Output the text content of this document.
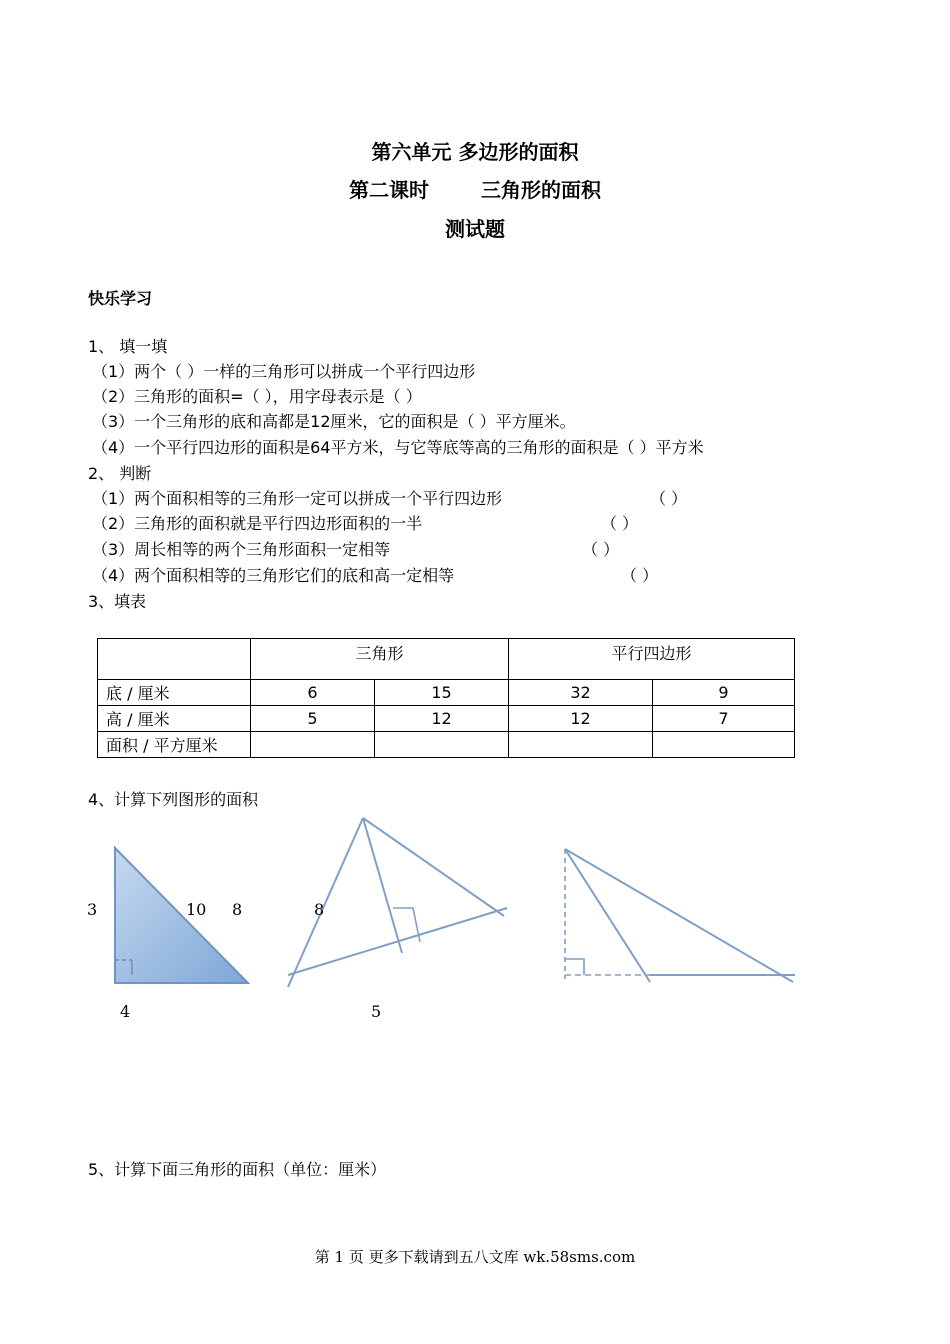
第六单元 多边形的面积
第二课时	三角形的面积
测试题
快乐学习
1、 填一填
（1）两个（ ）一样的三角形可以拼成一个平行四边形
（2）三角形的面积=（ ），用字母表示是（ ）
（3）一个三角形的底和高都是12厘米，它的面积是（ ）平方厘米。
（4）一个平行四边形的面积是64平方米，与它等底等高的三角形的面积是（ ）平方米
2、 判断
（1）两个面积相等的三角形一定可以拼成一个平行四边形	（ ）
（2）三角形的面积就是平行四边形面积的一半	（ ）
（3）周长相等的两个三角形面积一定相等	（ ）
（4）两个面积相等的三角形它们的底和高一定相等	（ ）
3、填表
	三角形		平行四边形	
底 / 厘米	6	15	32	9
高 / 厘米	5	12	12	7
面积 / 平方厘米				
4、计算下列图形的面积
3	10 8	8
4	5
5、计算下面三角形的面积（单位：厘米）
第 1 页 更多下载请到五八文库 wk.58sms.com
